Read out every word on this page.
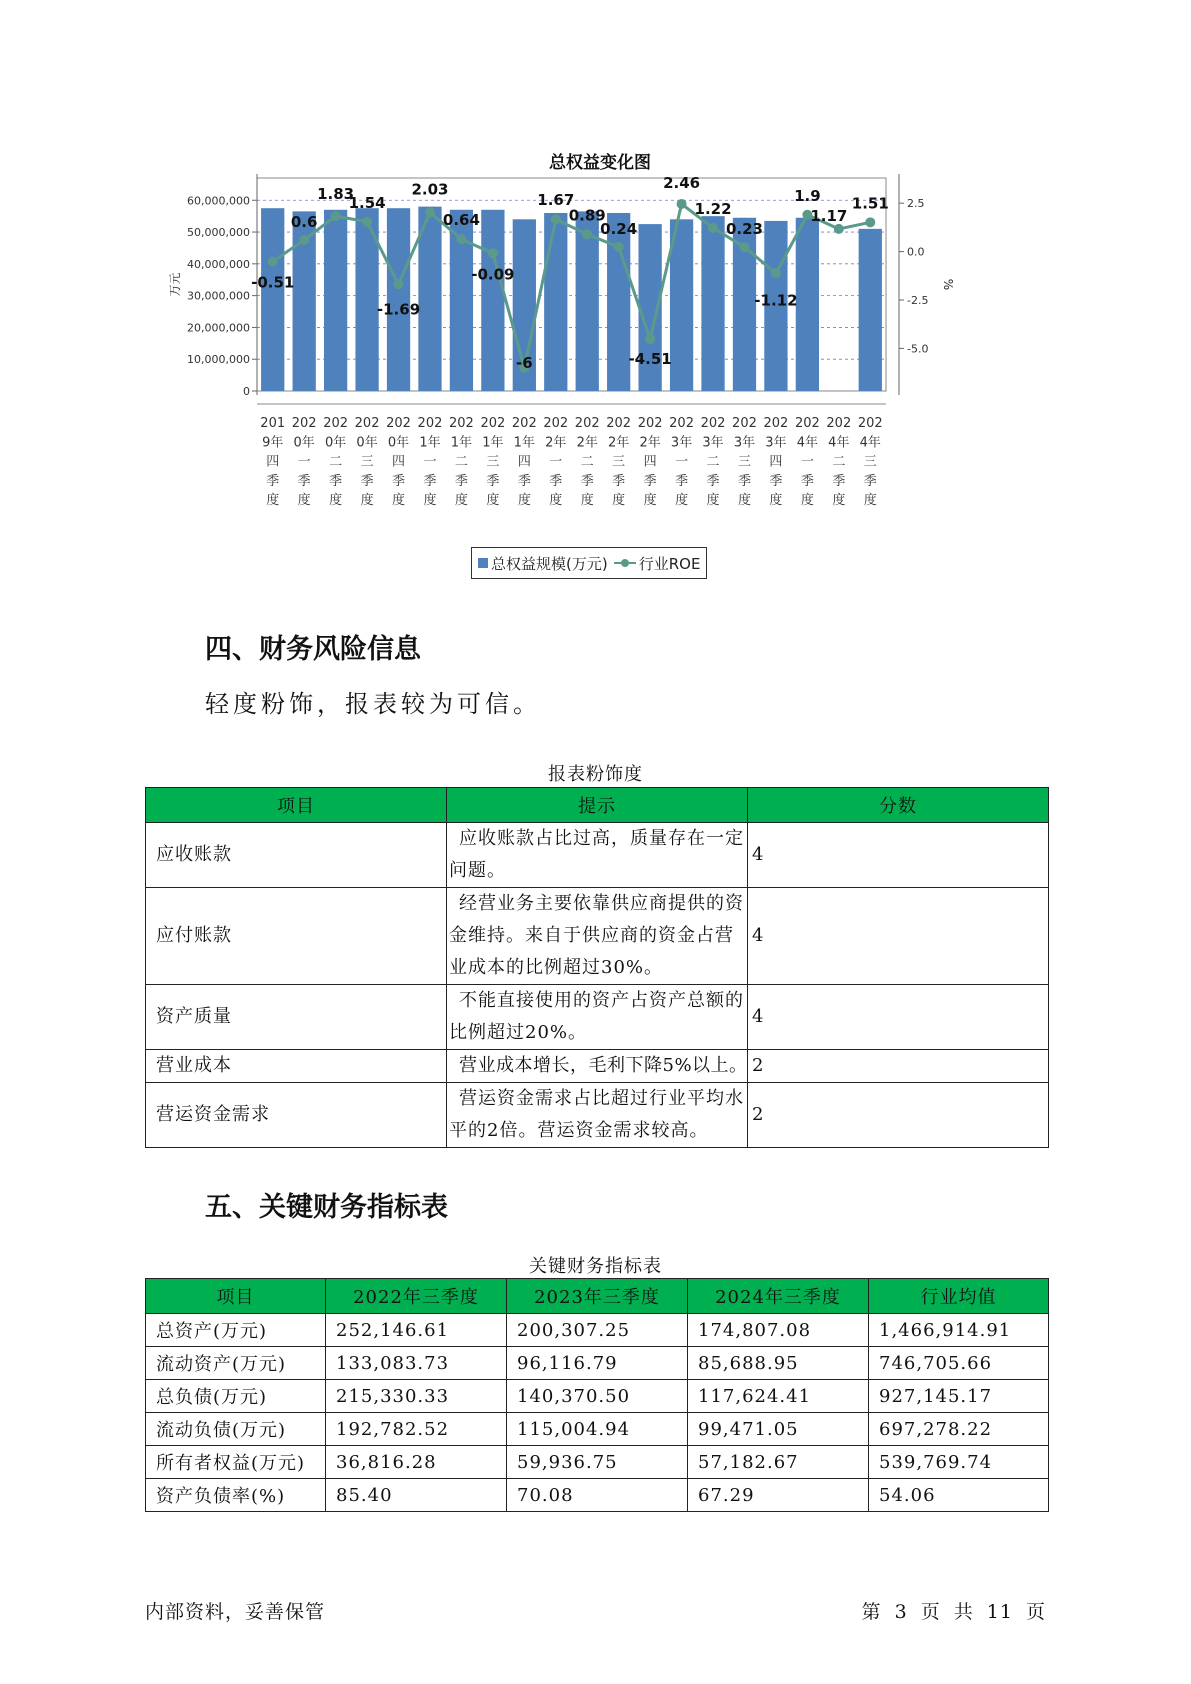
总权益变化图
0
10,000,000
20,000,000
30,000,000
40,000,000
50,000,000
60,000,000
万元
2.5
0.0
-2.5
-5.0
%
-0.51
0.6
1.83
1.54
-1.69
2.03
0.64
-0.09
-6
1.67
0.89
0.24
-4.51
2.46
1.22
0.23
-1.12
1.9
1.17
1.51
201 9年四季度
202 0年一季度
202 0年二季度
202 0年三季度
202 0年四季度
202 1年一季度
202 1年二季度
202 1年三季度
202 1年四季度
202 2年一季度
202 2年二季度
202 2年三季度
202 2年四季度
202 3年一季度
202 3年二季度
202 3年三季度
202 3年四季度
202 4年一季度
202 4年二季度
202 4年三季度
总权益规模(万元) 行业ROE
四、财务风险信息
轻度粉饰，报表较为可信。
报表粉饰度
项目	提示	分数
应收账款	应收账款占比过高，质量存在一定问题。	4
应付账款	经营业务主要依靠供应商提供的资金维持。来自于供应商的资金占营业成本的比例超过30%。	4
资产质量	不能直接使用的资产占资产总额的比例超过20%。	4
营业成本	营业成本增长，毛利下降5%以上。	2
营运资金需求	营运资金需求占比超过行业平均水平的2倍。营运资金需求较高。	2
五、关键财务指标表
关键财务指标表
项目	2022年三季度	2023年三季度	2024年三季度	行业均值
总资产(万元)	252,146.61	200,307.25	174,807.08	1,466,914.91
流动资产(万元)	133,083.73	96,116.79	85,688.95	746,705.66
总负债(万元)	215,330.33	140,370.50	117,624.41	927,145.17
流动负债(万元)	192,782.52	115,004.94	99,471.05	697,278.22
所有者权益(万元)	36,816.28	59,936.75	57,182.67	539,769.74
资产负债率(%)	85.40	70.08	67.29	54.06
内部资料，妥善保管	第 3 页 共 11 页
